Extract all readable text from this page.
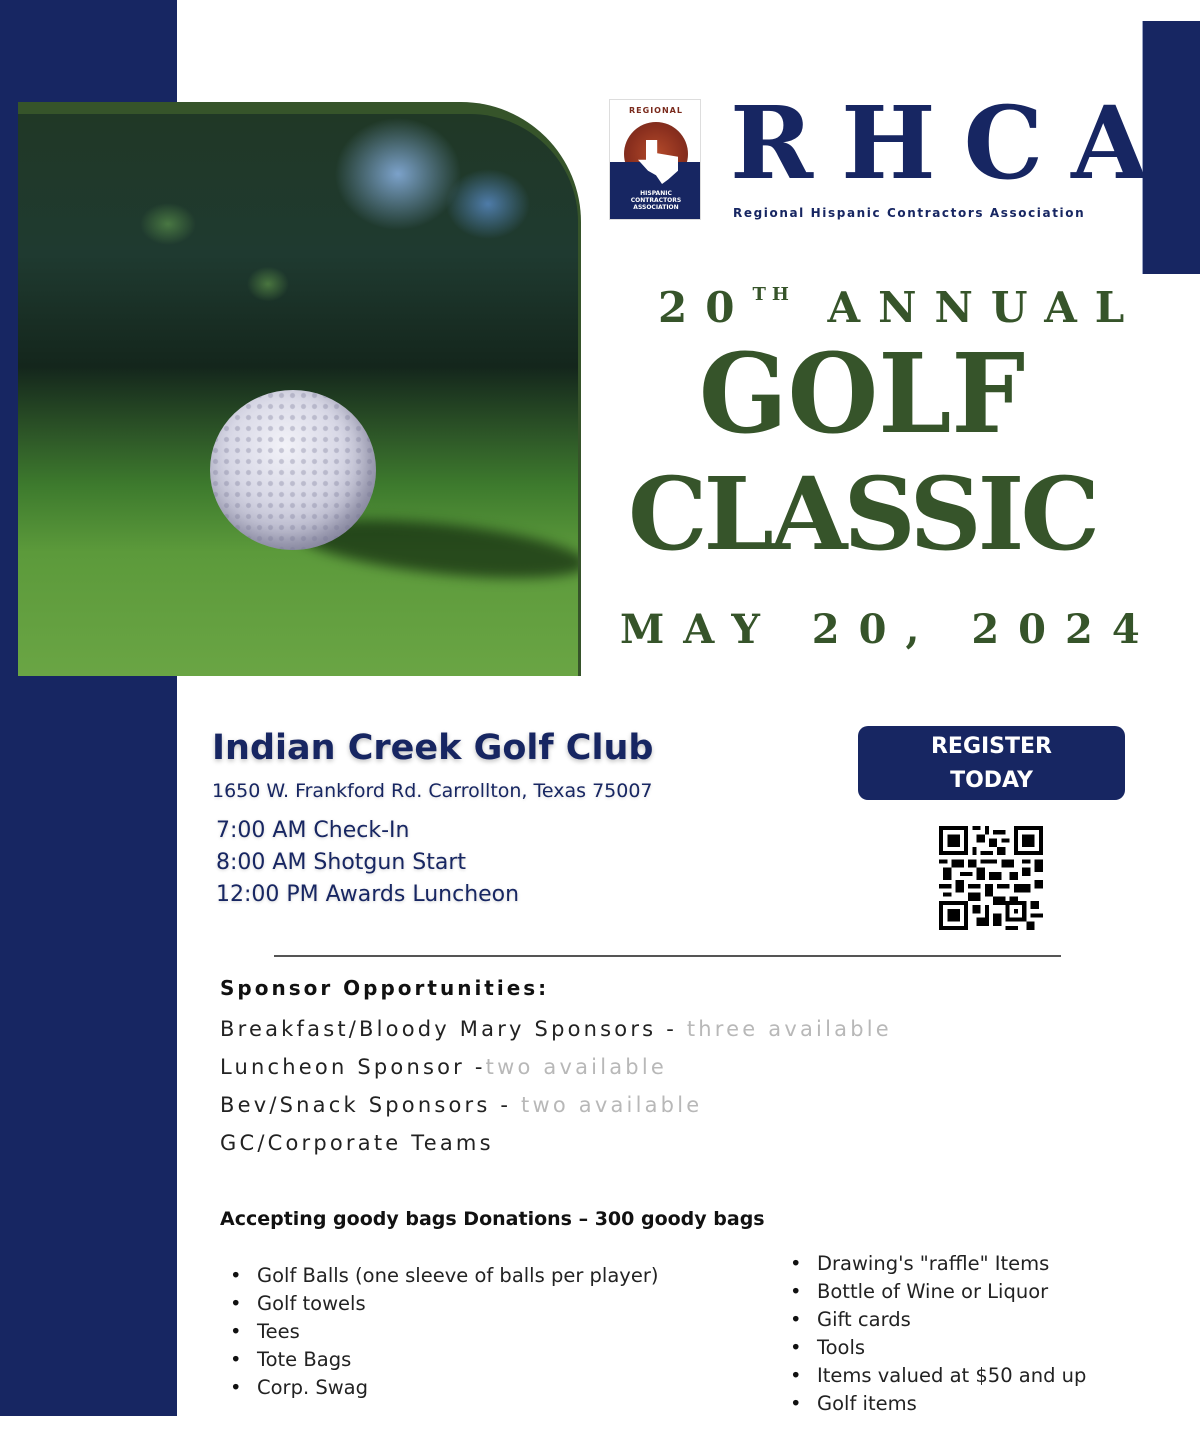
REGIONAL
HISPANIC
CONTRACTORS
ASSOCIATION
RHCA
Regional Hispanic Contractors Association
20TH ANNUAL
GOLF
CLASSIC
MAY 20, 2024
Indian Creek Golf Club
1650 W. Frankford Rd. Carrollton, Texas 75007
7:00 AM Check-In
8:00 AM Shotgun Start
12:00 PM Awards Luncheon
REGISTER
TODAY
Sponsor Opportunities:
Breakfast/Bloody Mary Sponsors - three available
Luncheon Sponsor -two available
Bev/Snack Sponsors - two available
GC/Corporate Teams
Accepting goody bags Donations – 300 goody bags
• Golf Balls (one sleeve of balls per player)
• Golf towels
• Tees
• Tote Bags
• Corp. Swag
• Drawing's "raffle" Items
• Bottle of Wine or Liquor
• Gift cards
• Tools
• Items valued at $50 and up
• Golf items
